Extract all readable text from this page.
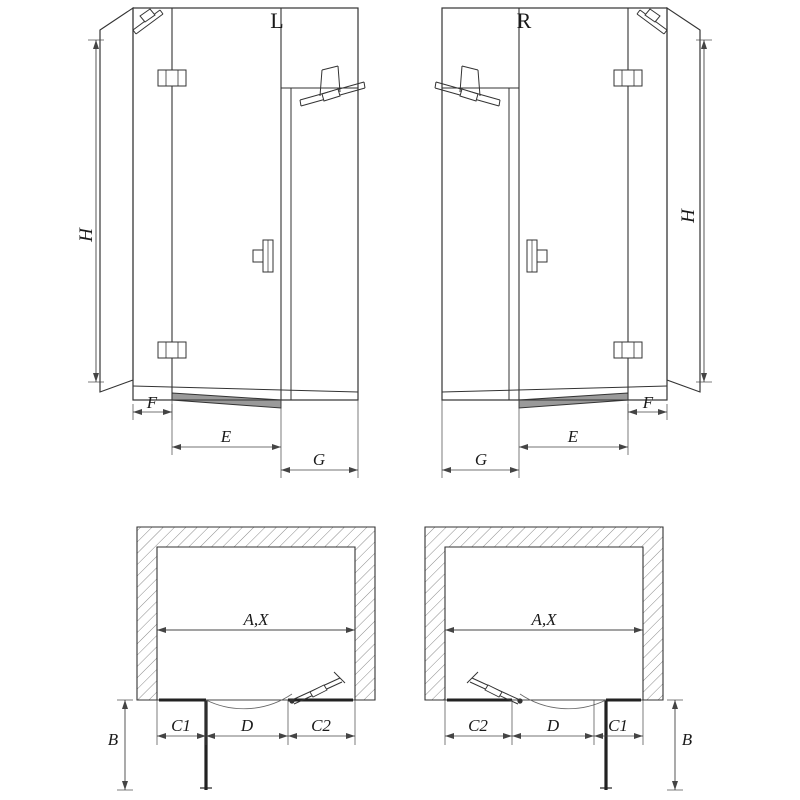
H
F
E
G
L
H
F
E
G
R
A,X
B
C1	D	C2
A,X
B
C2	D	C1
